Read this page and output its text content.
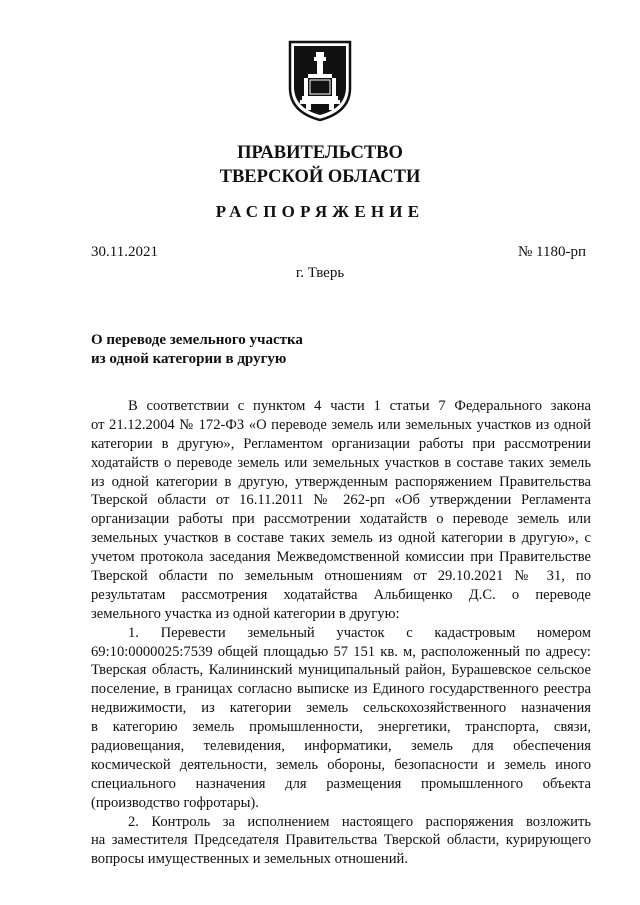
ПРАВИТЕЛЬСТВО
ТВЕРСКОЙ ОБЛАСТИ
РАСПОРЯЖЕНИЕ
30.11.2021	№ 1180-рп
г. Тверь
О переводе земельного участка
из одной категории в другую

В соответствии с пунктом 4 части 1 статьи 7 Федерального закона
от 21.12.2004 № 172-ФЗ «О переводе земель или земельных участков из одной
категории в другую», Регламентом организации работы при рассмотрении
ходатайств о переводе земель или земельных участков в составе таких земель
из одной категории в другую, утвержденным распоряжением Правительства
Тверской области от 16.11.2011 № 262-рп «Об утверждении Регламента
организации работы при рассмотрении ходатайств о переводе земель или
земельных участков в составе таких земель из одной категории в другую», с
учетом протокола заседания Межведомственной комиссии при Правительстве
Тверской области по земельным отношениям от 29.10.2021 № 31, по
результатам рассмотрения ходатайства Альбищенко Д.С. о переводе
земельного участка из одной категории в другую:

1. Перевести земельный участок с кадастровым номером
69:10:0000025:7539 общей площадью 57 151 кв. м, расположенный по адресу:
Тверская область, Калининский муниципальный район, Бурашевское сельское
поселение, в границах согласно выписке из Единого государственного реестра
недвижимости, из категории земель сельскохозяйственного назначения
в категорию земель промышленности, энергетики, транспорта, связи,
радиовещания, телевидения, информатики, земель для обеспечения
космической деятельности, земель обороны, безопасности и земель иного
специального назначения для размещения промышленного объекта
(производство гофротары).

2. Контроль за исполнением настоящего распоряжения возложить
на заместителя Председателя Правительства Тверской области, курирующего
вопросы имущественных и земельных отношений.
